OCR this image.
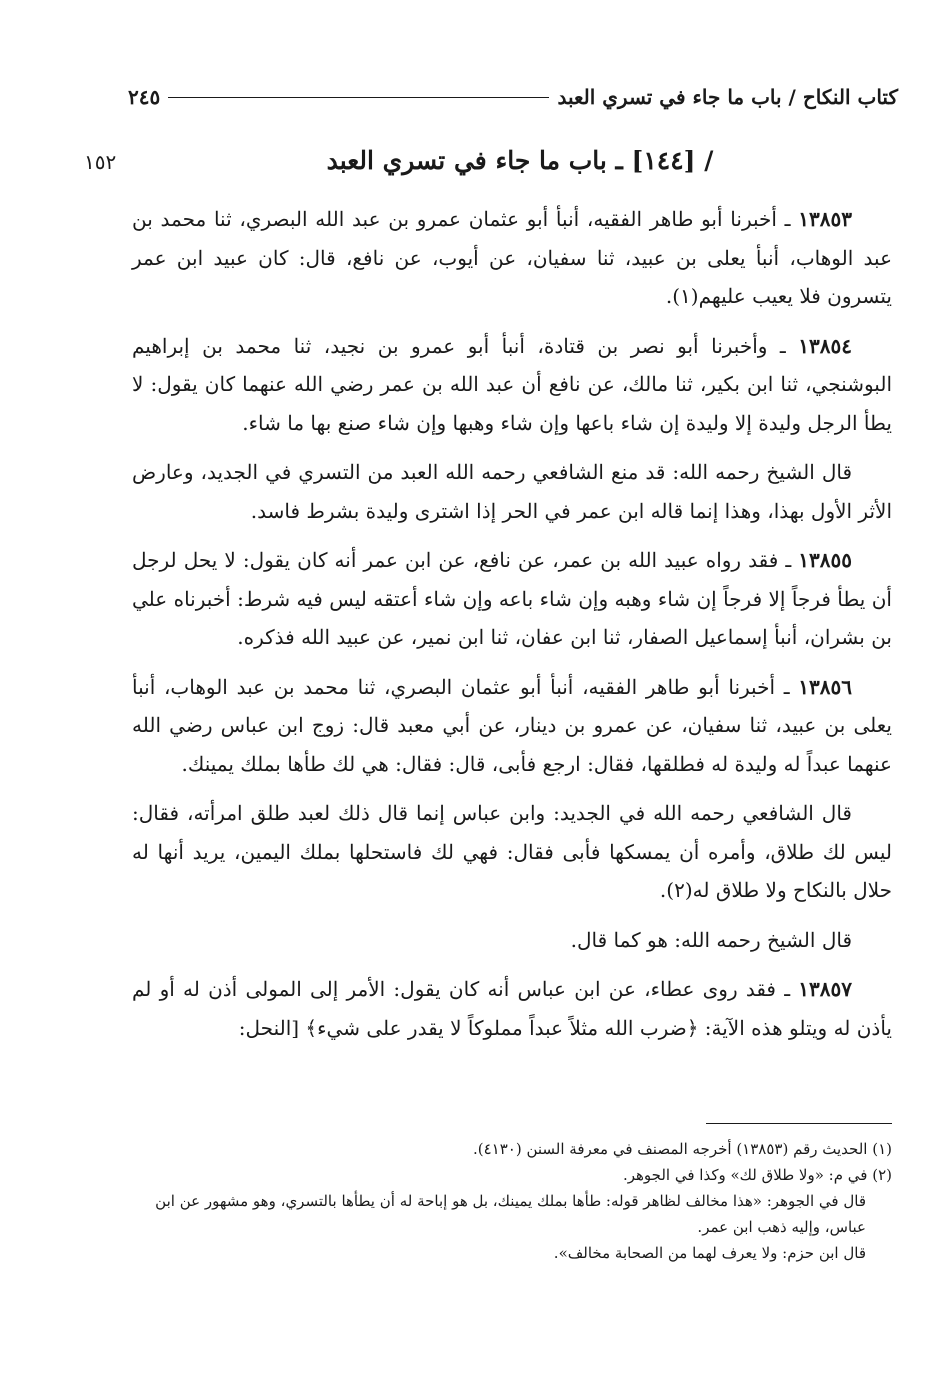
كتاب النكاح / باب ما جاء في تسري العبد
٢٤٥
١٥٢	/ [١٤٤] ـ باب ما جاء في تسري العبد

١٣٨٥٣ ـ أخبرنا أبو طاهر الفقيه، أنبأ أبو عثمان عمرو بن عبد الله البصري، ثنا محمد بن عبد الوهاب، أنبأ يعلى بن عبيد، ثنا سفيان، عن أيوب، عن نافع، قال: كان عبيد ابن عمر يتسرون فلا يعيب عليهم(١).

١٣٨٥٤ ـ وأخبرنا أبو نصر بن قتادة، أنبأ أبو عمرو بن نجيد، ثنا محمد بن إبراهيم البوشنجي، ثنا ابن بكير، ثنا مالك، عن نافع أن عبد الله بن عمر رضي الله عنهما كان يقول: لا يطأ الرجل وليدة إلا وليدة إن شاء باعها وإن شاء وهبها وإن شاء صنع بها ما شاء.

قال الشيخ رحمه الله: قد منع الشافعي رحمه الله العبد من التسري في الجديد، وعارض الأثر الأول بهذا، وهذا إنما قاله ابن عمر في الحر إذا اشترى وليدة بشرط فاسد.

١٣٨٥٥ ـ فقد رواه عبيد الله بن عمر، عن نافع، عن ابن عمر أنه كان يقول: لا يحل لرجل أن يطأ فرجاً إلا فرجاً إن شاء وهبه وإن شاء باعه وإن شاء أعتقه ليس فيه شرط: أخبرناه علي بن بشران، أنبأ إسماعيل الصفار، ثنا ابن عفان، ثنا ابن نمير، عن عبيد الله فذكره.

١٣٨٥٦ ـ أخبرنا أبو طاهر الفقيه، أنبأ أبو عثمان البصري، ثنا محمد بن عبد الوهاب، أنبأ يعلى بن عبيد، ثنا سفيان، عن عمرو بن دينار، عن أبي معبد قال: زوج ابن عباس رضي الله عنهما عبداً له وليدة له فطلقها، فقال: ارجع فأبى، قال: فقال: هي لك طأها بملك يمينك.

قال الشافعي رحمه الله في الجديد: وابن عباس إنما قال ذلك لعبد طلق امرأته، فقال: ليس لك طلاق، وأمره أن يمسكها فأبى فقال: فهي لك فاستحلها بملك اليمين، يريد أنها له حلال بالنكاح ولا طلاق له(٢).

قال الشيخ رحمه الله: هو كما قال.

١٣٨٥٧ ـ فقد روى عطاء، عن ابن عباس أنه كان يقول: الأمر إلى المولى أذن له أو لم يأذن له ويتلو هذه الآية: ﴿ضرب الله مثلاً عبداً مملوكاً لا يقدر على شيء﴾ [النحل:

(١) الحديث رقم (١٣٨٥٣) أخرجه المصنف في معرفة السنن (٤١٣٠).

(٢) في م: «ولا طلاق لك» وكذا في الجوهر.

قال في الجوهر: «هذا مخالف لظاهر قوله: طأها بملك يمينك، بل هو إباحة له أن يطأها بالتسري، وهو مشهور عن ابن عباس، وإليه ذهب ابن عمر.

قال ابن حزم: ولا يعرف لهما من الصحابة مخالف».
